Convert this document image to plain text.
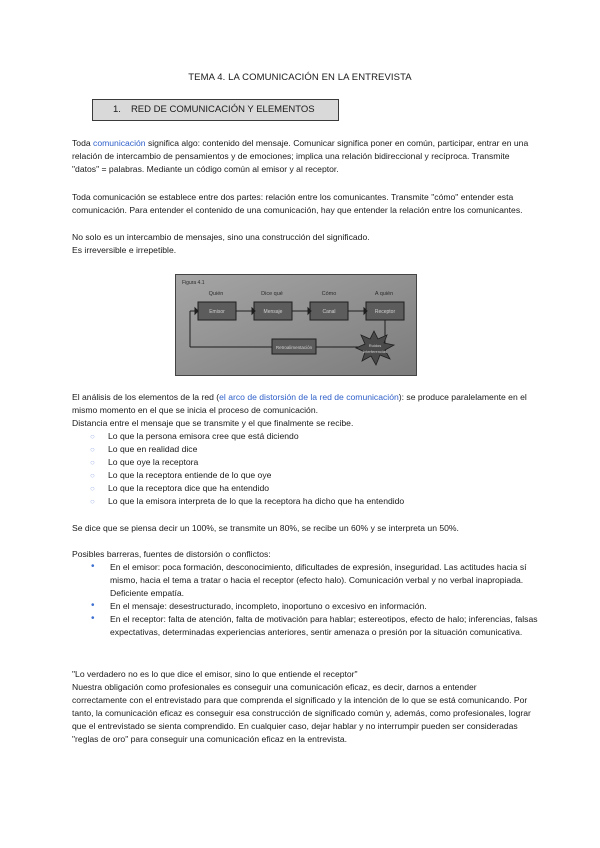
TEMA 4. LA COMUNICACIÓN EN LA ENTREVISTA
1. RED DE COMUNICACIÓN Y ELEMENTOS

Toda comunicación significa algo: contenido del mensaje. Comunicar significa poner en común, participar, entrar en una relación de intercambio de pensamientos y de emociones; implica una relación bidireccional y recíproca. Transmite "datos" = palabras. Mediante un código común al emisor y al receptor.

Toda comunicación se establece entre dos partes: relación entre los comunicantes. Transmite "cómo" entender esta comunicación. Para entender el contenido de una comunicación, hay que entender la relación entre los comunicantes.

No solo es un intercambio de mensajes, sino una construcción del significado.

Es irreversible e irrepetible.

Figura 4.1
Quién	Dice qué	Cómo	A quién
Emisor	Mensaje	Canal	Receptor
Retroalimentación	Ruidos
Interferencias

El análisis de los elementos de la red (el arco de distorsión de la red de comunicación): se produce paralelamente en el mismo momento en el que se inicia el proceso de comunicación.

Distancia entre el mensaje que se transmite y el que finalmente se recibe.

○ Lo que la persona emisora cree que está diciendo
○ Lo que en realidad dice
○ Lo que oye la receptora
○ Lo que la receptora entiende de lo que oye
○ Lo que la receptora dice que ha entendido
○ Lo que la emisora interpreta de lo que la receptora ha dicho que ha entendido

Se dice que se piensa decir un 100%, se transmite un 80%, se recibe un 60% y se interpreta un 50%.

Posibles barreras, fuentes de distorsión o conflictos:

• En el emisor: poca formación, desconocimiento, dificultades de expresión, inseguridad. Las actitudes hacia sí mismo, hacia el tema a tratar o hacia el receptor (efecto halo). Comunicación verbal y no verbal inapropiada. Deficiente empatía.
• En el mensaje: desestructurado, incompleto, inoportuno o excesivo en información.
• En el receptor: falta de atención, falta de motivación para hablar; estereotipos, efecto de halo; inferencias, falsas expectativas, determinadas experiencias anteriores, sentir amenaza o presión por la situación comunicativa.

"Lo verdadero no es lo que dice el emisor, sino lo que entiende el receptor"

Nuestra obligación como profesionales es conseguir una comunicación eficaz, es decir, darnos a entender correctamente con el entrevistado para que comprenda el significado y la intención de lo que se está comunicando. Por tanto, la comunicación eficaz es conseguir esa construcción de significado común y, además, como profesionales, lograr que el entrevistado se sienta comprendido. En cualquier caso, dejar hablar y no interrumpir pueden ser consideradas "reglas de oro" para conseguir una comunicación eficaz en la entrevista.
